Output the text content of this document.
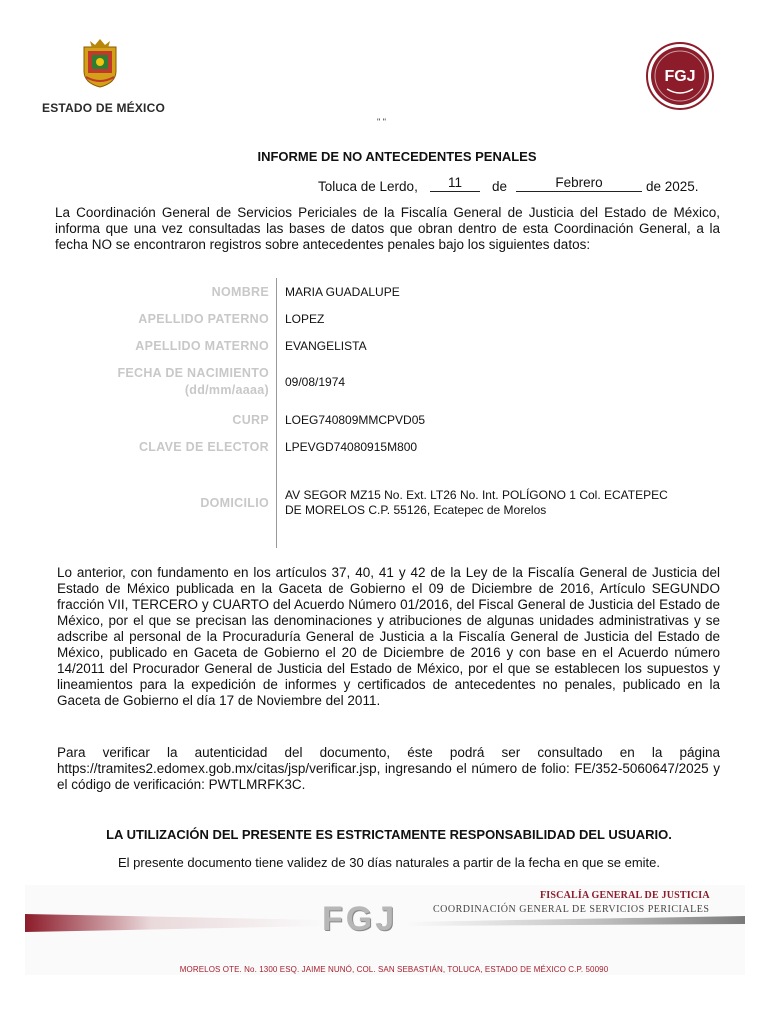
ESTADO DE MÉXICO
FGJ
" "
INFORME DE NO ANTECEDENTES PENALES
Toluca de Lerdo,	11	de	Febrero	de 2025.
La Coordinación General de Servicios Periciales de la Fiscalía General de Justicia del Estado de México, informa que una vez consultadas las bases de datos que obran dentro de esta Coordinación General, a la fecha NO se encontraron registros sobre antecedentes penales bajo los siguientes datos:
NOMBRE MARIA GUADALUPE
APELLIDO PATERNO LOPEZ
APELLIDO MATERNO EVANGELISTA
FECHA DE NACIMIENTO
(dd/mm/aaaa)
09/08/1974
CURP LOEG740809MMCPVD05
CLAVE DE ELECTOR LPEVGD74080915M800
DOMICILIO
AV SEGOR MZ15 No. Ext. LT26 No. Int. POLÍGONO 1 Col. ECATEPEC
DE MORELOS C.P. 55126, Ecatepec de Morelos
Lo anterior, con fundamento en los artículos 37, 40, 41 y 42 de la Ley de la Fiscalía General de Justicia del Estado de México publicada en la Gaceta de Gobierno el 09 de Diciembre de 2016, Artículo SEGUNDO fracción VII, TERCERO y CUARTO del Acuerdo Número 01/2016, del Fiscal General de Justicia del Estado de México, por el que se precisan las denominaciones y atribuciones de algunas unidades administrativas y se adscribe al personal de la Procuraduría General de Justicia a la Fiscalía General de Justicia del Estado de México, publicado en Gaceta de Gobierno el 20 de Diciembre de 2016 y con base en el Acuerdo número 14/2011 del Procurador General de Justicia del Estado de México, por el que se establecen los supuestos y lineamientos para la expedición de informes y certificados de antecedentes no penales, publicado en la Gaceta de Gobierno el día 17 de Noviembre del 2011.
Para verificar la autenticidad del documento, éste podrá ser consultado en la página https://tramites2.edomex.gob.mx/citas/jsp/verificar.jsp, ingresando el número de folio: FE/352-5060647/2025 y el código de verificación: PWTLMRFK3C.
LA UTILIZACIÓN DEL PRESENTE ES ESTRICTAMENTE RESPONSABILIDAD DEL USUARIO.
El presente documento tiene validez de 30 días naturales a partir de la fecha en que se emite.
FISCALÍA GENERAL DE JUSTICIA
COORDINACIÓN GENERAL DE SERVICIOS PERICIALES
FGJ
MORELOS OTE. No. 1300 ESQ. JAIME NUNÓ, COL. SAN SEBASTIÁN, TOLUCA, ESTADO DE MÉXICO C.P. 50090
